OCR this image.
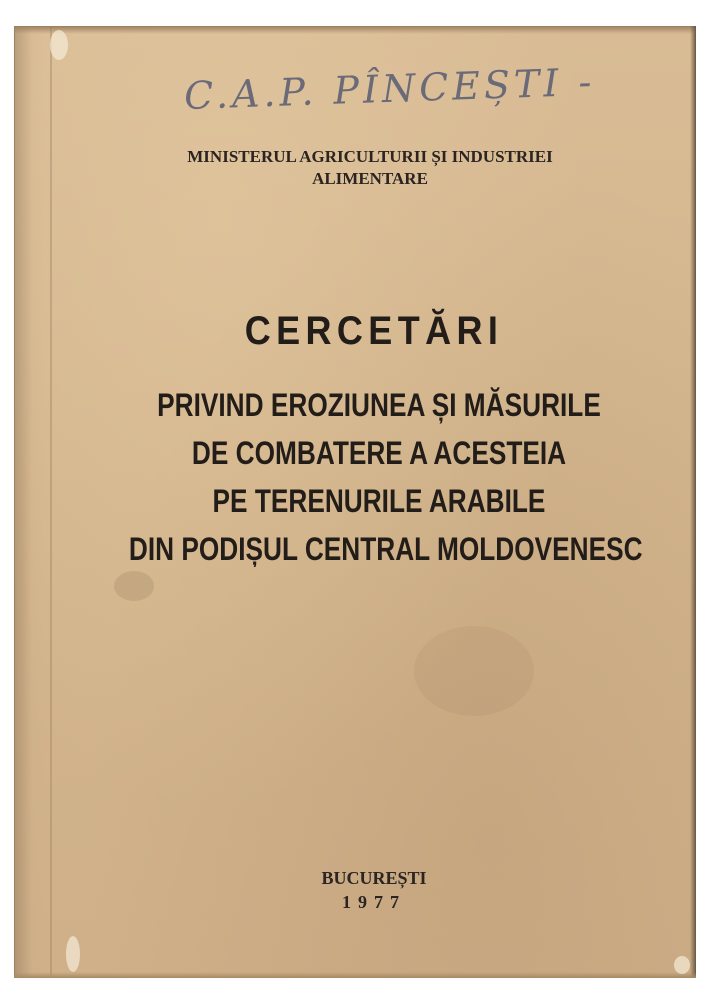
C.A.P. PÎNCEȘTI -
MINISTERUL AGRICULTURII ȘI INDUSTRIEI
ALIMENTARE
CERCETĂRI
PRIVIND EROZIUNEA ȘI MĂSURILE
DE COMBATERE A ACESTEIA
PE TERENURILE ARABILE
DIN PODIȘUL CENTRAL MOLDOVENESC
BUCUREȘTI
1977
